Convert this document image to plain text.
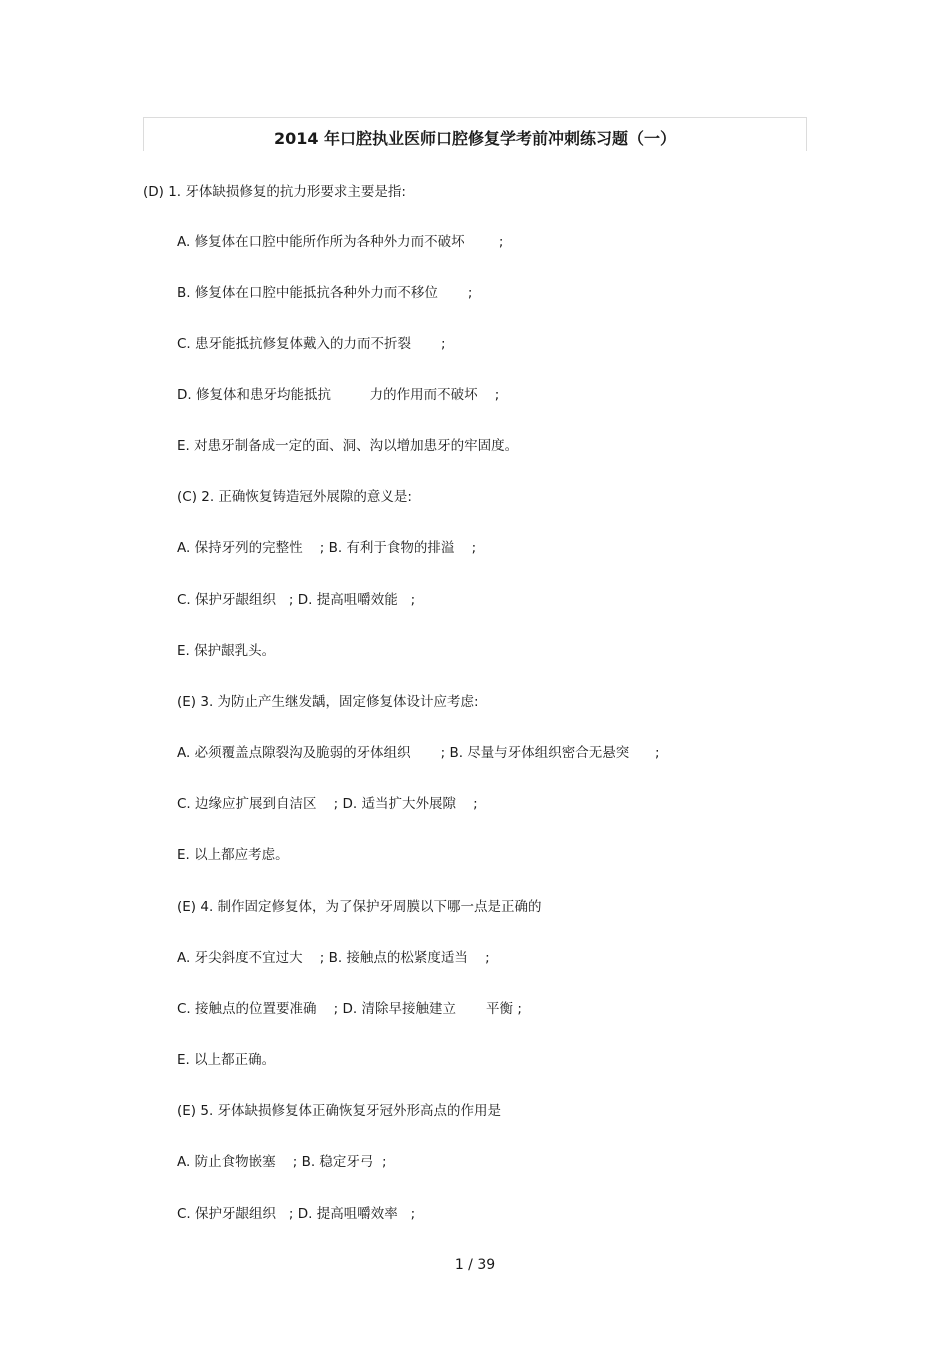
2014 年口腔执业医师口腔修复学考前冲刺练习题（一）
(D) 1. 牙体缺损修复的抗力形要求主要是指:
A. 修复体在口腔中能所作所为各种外力而不破坏        ;
B. 修复体在口腔中能抵抗各种外力而不移位       ;
C. 患牙能抵抗修复体戴入的力而不折裂       ;
D. 修复体和患牙均能抵抗         力的作用而不破坏    ;
E. 对患牙制备成一定的面、洞、沟以增加患牙的牢固度。
(C) 2. 正确恢复铸造冠外展隙的意义是:
A. 保持牙列的完整性    ; B. 有利于食物的排溢    ;
C. 保护牙龈组织   ; D. 提高咀嚼效能   ;
E. 保护龈乳头。
(E) 3. 为防止产生继发龋，固定修复体设计应考虑:
A. 必须覆盖点隙裂沟及脆弱的牙体组织       ; B. 尽量与牙体组织密合无悬突      ;
C. 边缘应扩展到自洁区    ; D. 适当扩大外展隙    ;
E. 以上都应考虑。
(E) 4. 制作固定修复体，为了保护牙周膜以下哪一点是正确的
A. 牙尖斜度不宜过大    ; B. 接触点的松紧度适当    ;
C. 接触点的位置要准确    ; D. 清除早接触建立       平衡 ;
E. 以上都正确。
(E) 5. 牙体缺损修复体正确恢复牙冠外形高点的作用是
A. 防止食物嵌塞    ; B. 稳定牙弓  ;
C. 保护牙龈组织   ; D. 提高咀嚼效率   ;
1 / 39
